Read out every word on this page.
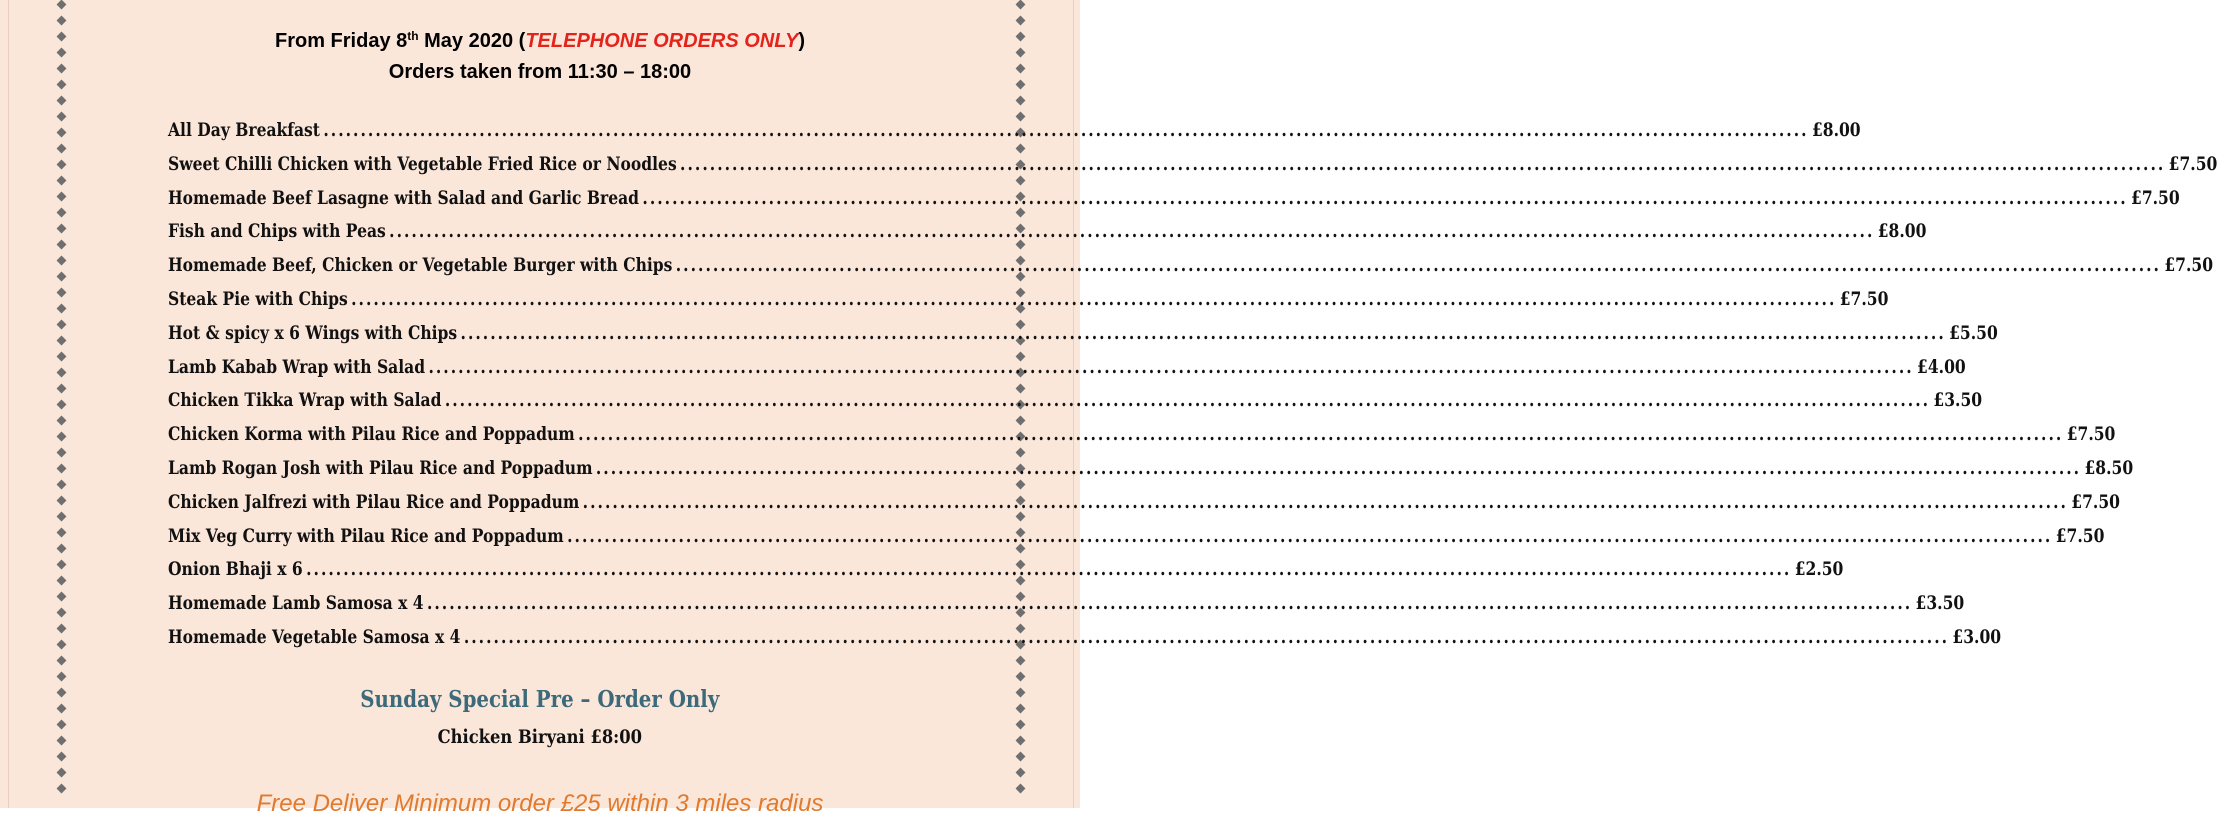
From Friday 8th May 2020 (TELEPHONE ORDERS ONLY)
Orders taken from 11:30 – 18:00
All Day Breakfast ........................................................................................................................................................................................................ £8.00
Sweet Chilli Chicken with Vegetable Fried Rice or Noodles ........................................................................................................................................................................................................ £7.50
Homemade Beef Lasagne with Salad and Garlic Bread ........................................................................................................................................................................................................ £7.50
Fish and Chips with Peas ........................................................................................................................................................................................................ £8.00
Homemade Beef, Chicken or Vegetable Burger with Chips ........................................................................................................................................................................................................ £7.50
Steak Pie with Chips ........................................................................................................................................................................................................ £7.50
Hot & spicy x 6 Wings with Chips ........................................................................................................................................................................................................ £5.50
Lamb Kabab Wrap with Salad ........................................................................................................................................................................................................ £4.00
Chicken Tikka Wrap with Salad ........................................................................................................................................................................................................ £3.50
Chicken Korma with Pilau Rice and Poppadum ........................................................................................................................................................................................................ £7.50
Lamb Rogan Josh with Pilau Rice and Poppadum ........................................................................................................................................................................................................ £8.50
Chicken Jalfrezi with Pilau Rice and Poppadum ........................................................................................................................................................................................................ £7.50
Mix Veg Curry with Pilau Rice and Poppadum ........................................................................................................................................................................................................ £7.50
Onion Bhaji x 6 ........................................................................................................................................................................................................ £2.50
Homemade Lamb Samosa x 4 ........................................................................................................................................................................................................ £3.50
Homemade Vegetable Samosa x 4 ........................................................................................................................................................................................................ £3.00
Sunday Special Pre – Order Only
Chicken Biryani £8:00
Free Deliver Minimum order £25 within 3 miles radius
